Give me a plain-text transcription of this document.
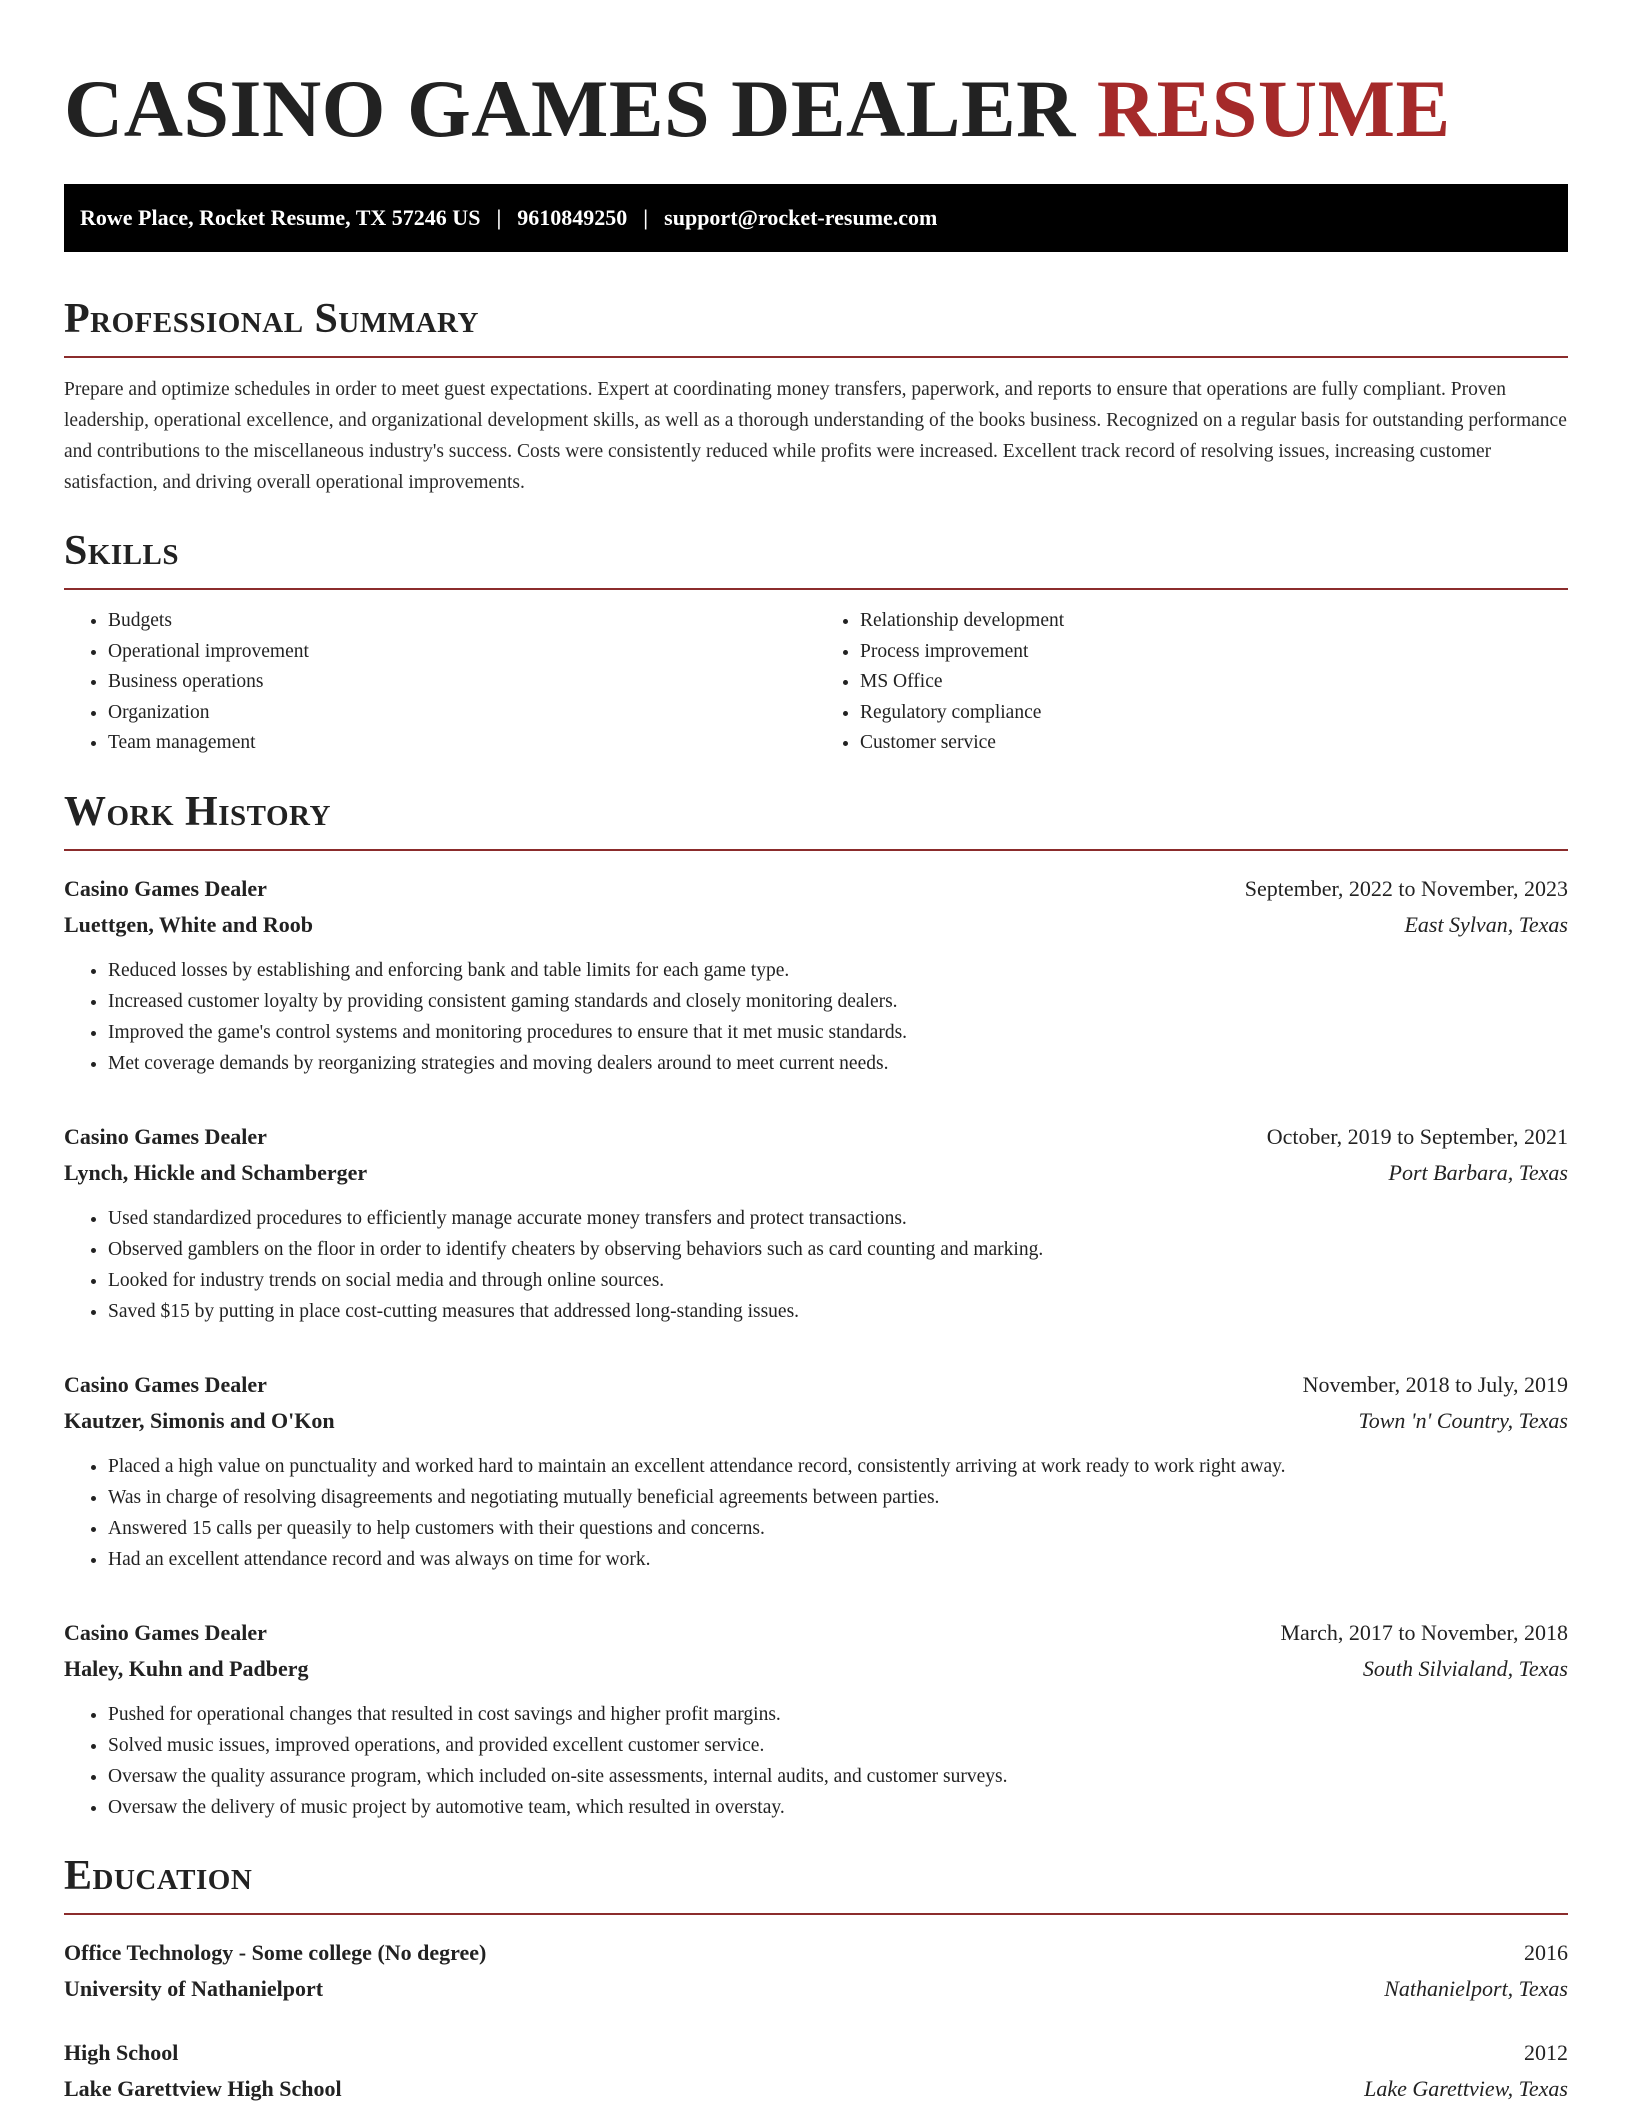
CASINO GAMES DEALER RESUME
Rowe Place, Rocket Resume, TX 57246 US | 9610849250 | support@rocket-resume.com
Professional Summary

Prepare and optimize schedules in order to meet guest expectations. Expert at coordinating money transfers, paperwork, and reports to ensure that operations are fully compliant. Proven leadership, operational excellence, and organizational development skills, as well as a thorough understanding of the books business. Recognized on a regular basis for outstanding performance and contributions to the miscellaneous industry's success. Costs were consistently reduced while profits were increased. Excellent track record of resolving issues, increasing customer satisfaction, and driving overall operational improvements.

Skills
• Budgets
• Operational improvement
• Business operations
• Organization
• Team management
• Relationship development
• Process improvement
• MS Office
• Regulatory compliance
• Customer service
Work History
Casino Games Dealer	September, 2022 to November, 2023
Luettgen, White and Roob	East Sylvan, Texas
• Reduced losses by establishing and enforcing bank and table limits for each game type.
• Increased customer loyalty by providing consistent gaming standards and closely monitoring dealers.
• Improved the game's control systems and monitoring procedures to ensure that it met music standards.
• Met coverage demands by reorganizing strategies and moving dealers around to meet current needs.
Casino Games Dealer	October, 2019 to September, 2021
Lynch, Hickle and Schamberger	Port Barbara, Texas
• Used standardized procedures to efficiently manage accurate money transfers and protect transactions.
• Observed gamblers on the floor in order to identify cheaters by observing behaviors such as card counting and marking.
• Looked for industry trends on social media and through online sources.
• Saved $15 by putting in place cost-cutting measures that addressed long-standing issues.
Casino Games Dealer	November, 2018 to July, 2019
Kautzer, Simonis and O'Kon	Town 'n' Country, Texas
• Placed a high value on punctuality and worked hard to maintain an excellent attendance record, consistently arriving at work ready to work right away.
• Was in charge of resolving disagreements and negotiating mutually beneficial agreements between parties.
• Answered 15 calls per queasily to help customers with their questions and concerns.
• Had an excellent attendance record and was always on time for work.
Casino Games Dealer	March, 2017 to November, 2018
Haley, Kuhn and Padberg	South Silvialand, Texas
• Pushed for operational changes that resulted in cost savings and higher profit margins.
• Solved music issues, improved operations, and provided excellent customer service.
• Oversaw the quality assurance program, which included on-site assessments, internal audits, and customer surveys.
• Oversaw the delivery of music project by automotive team, which resulted in overstay.
Education
Office Technology - Some college (No degree)	2016
University of Nathanielport	Nathanielport, Texas
High School	2012
Lake Garettview High School	Lake Garettview, Texas
